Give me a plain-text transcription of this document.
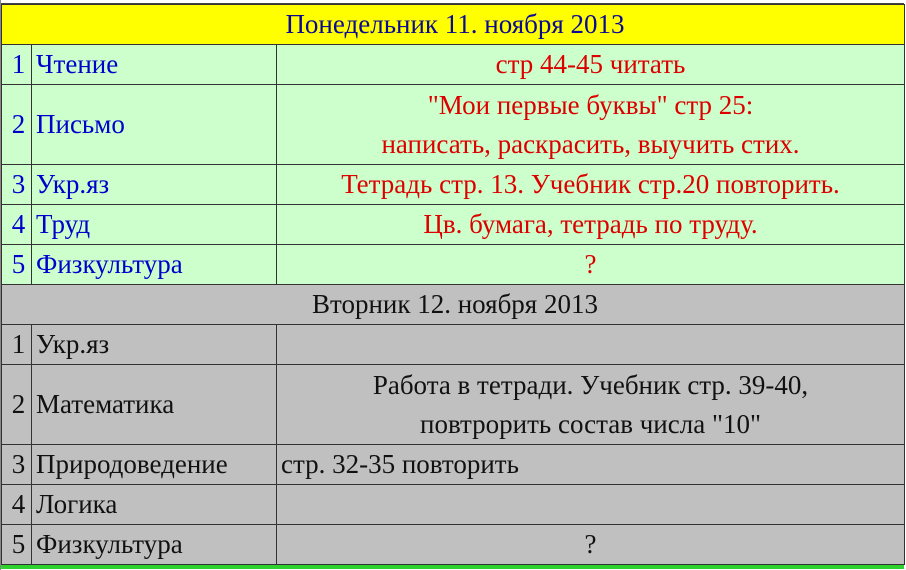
Понедельник 11. ноября 2013		
1	Чтение	стр 44-45 читать
2	Письмо	"Мои первые буквы" стр 25:
написать, раскрасить, выучить стих.

3	Укр.яз	Тетрадь стр. 13. Учебник стр.20 повторить.
4	Труд	Цв. бумага, тетрадь по труду.
5	Физкультура	?
Вторник 12. ноября 2013		
1	Укр.яз	
2	Математика	Работа в тетради. Учебник стр. 39-40,
повтрорить состав числа "10"

3	Природоведение	стр. 32-35 повторить
4	Логика	
5	Физкультура	?
